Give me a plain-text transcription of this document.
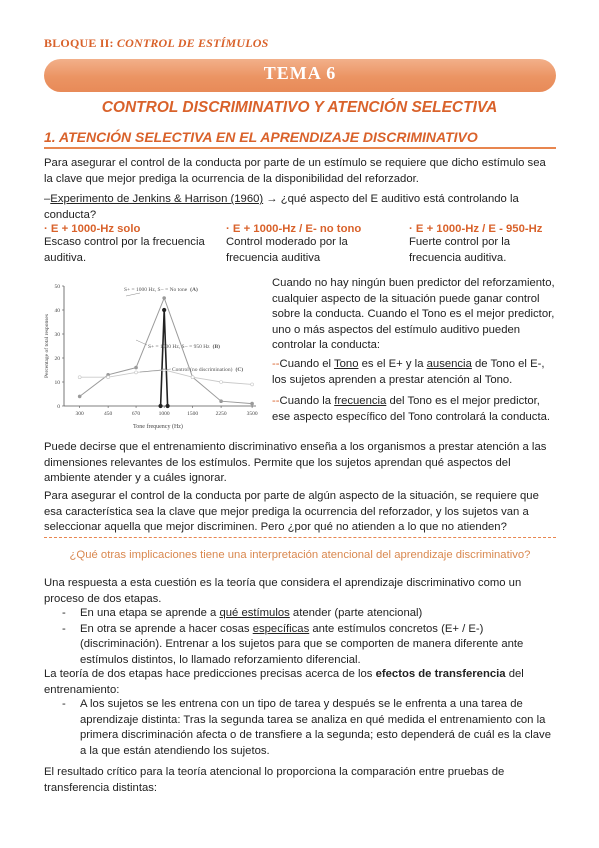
BLOQUE II: CONTROL DE ESTÍMULOS
TEMA 6
CONTROL DISCRIMINATIVO Y ATENCIÓN SELECTIVA
1. ATENCIÓN SELECTIVA EN EL APRENDIZAJE DISCRIMINATIVO
Para asegurar el control de la conducta por parte de un estímulo se requiere que dicho estímulo sea la clave que mejor prediga la ocurrencia de la disponibilidad del reforzador.
–Experimento de Jenkins & Harrison (1960) → ¿qué aspecto del E auditivo está controlando la conducta?
· E + 1000-Hz solo
Escaso control por la frecuencia auditiva.
· E + 1000-Hz / E- no tono
Control moderado por la frecuencia auditiva
· E + 1000-Hz / E - 950-Hz
Fuerte control por la frecuencia auditiva.
0
10
20
30
40
50
300	450	670	1000	1500	2250	3500
Percentage of total responses
Tone frequency (Hz)
S+ = 1000 Hz, S− = No tone (A)
S+ = 1000 Hz, S− = 950 Hz (B)
Control (no discrimination) (C)
Cuando no hay ningún buen predictor del reforzamiento, cualquier aspecto de la situación puede ganar control sobre la conducta. Cuando el Tono es el mejor predictor, uno o más aspectos del estímulo auditivo pueden controlar la conducta:
--Cuando el Tono es el E+ y la ausencia de Tono el E-, los sujetos aprenden a prestar atención al Tono.
--Cuando la frecuencia del Tono es el mejor predictor, ese aspecto específico del Tono controlará la conducta.
Puede decirse que el entrenamiento discriminativo enseña a los organismos a prestar atención a las dimensiones relevantes de los estímulos. Permite que los sujetos aprendan qué aspectos del ambiente atender y a cuáles ignorar.
Para asegurar el control de la conducta por parte de algún aspecto de la situación, se requiere que esa característica sea la clave que mejor prediga la ocurrencia del reforzador, y los sujetos van a seleccionar aquella que mejor discriminen. Pero ¿por qué no atienden a lo que no atienden?
¿Qué otras implicaciones tiene una interpretación atencional del aprendizaje discriminativo?
Una respuesta a esta cuestión es la teoría que considera el aprendizaje discriminativo como un proceso de dos etapas.
- En una etapa se aprende a qué estímulos atender (parte atencional)
- En otra se aprende a hacer cosas específicas ante estímulos concretos (E+ / E-) (discriminación). Entrenar a los sujetos para que se comporten de manera diferente ante estímulos distintos, lo llamado reforzamiento diferencial.
La teoría de dos etapas hace predicciones precisas acerca de los efectos de transferencia del entrenamiento:
- A los sujetos se les entrena con un tipo de tarea y después se le enfrenta a una tarea de aprendizaje distinta: Tras la segunda tarea se analiza en qué medida el entrenamiento con la primera discriminación afecta o de transfiere a la segunda; esto dependerá de cuál es la clave a la que están atendiendo los sujetos.
El resultado crítico para la teoría atencional lo proporciona la comparación entre pruebas de transferencia distintas:
